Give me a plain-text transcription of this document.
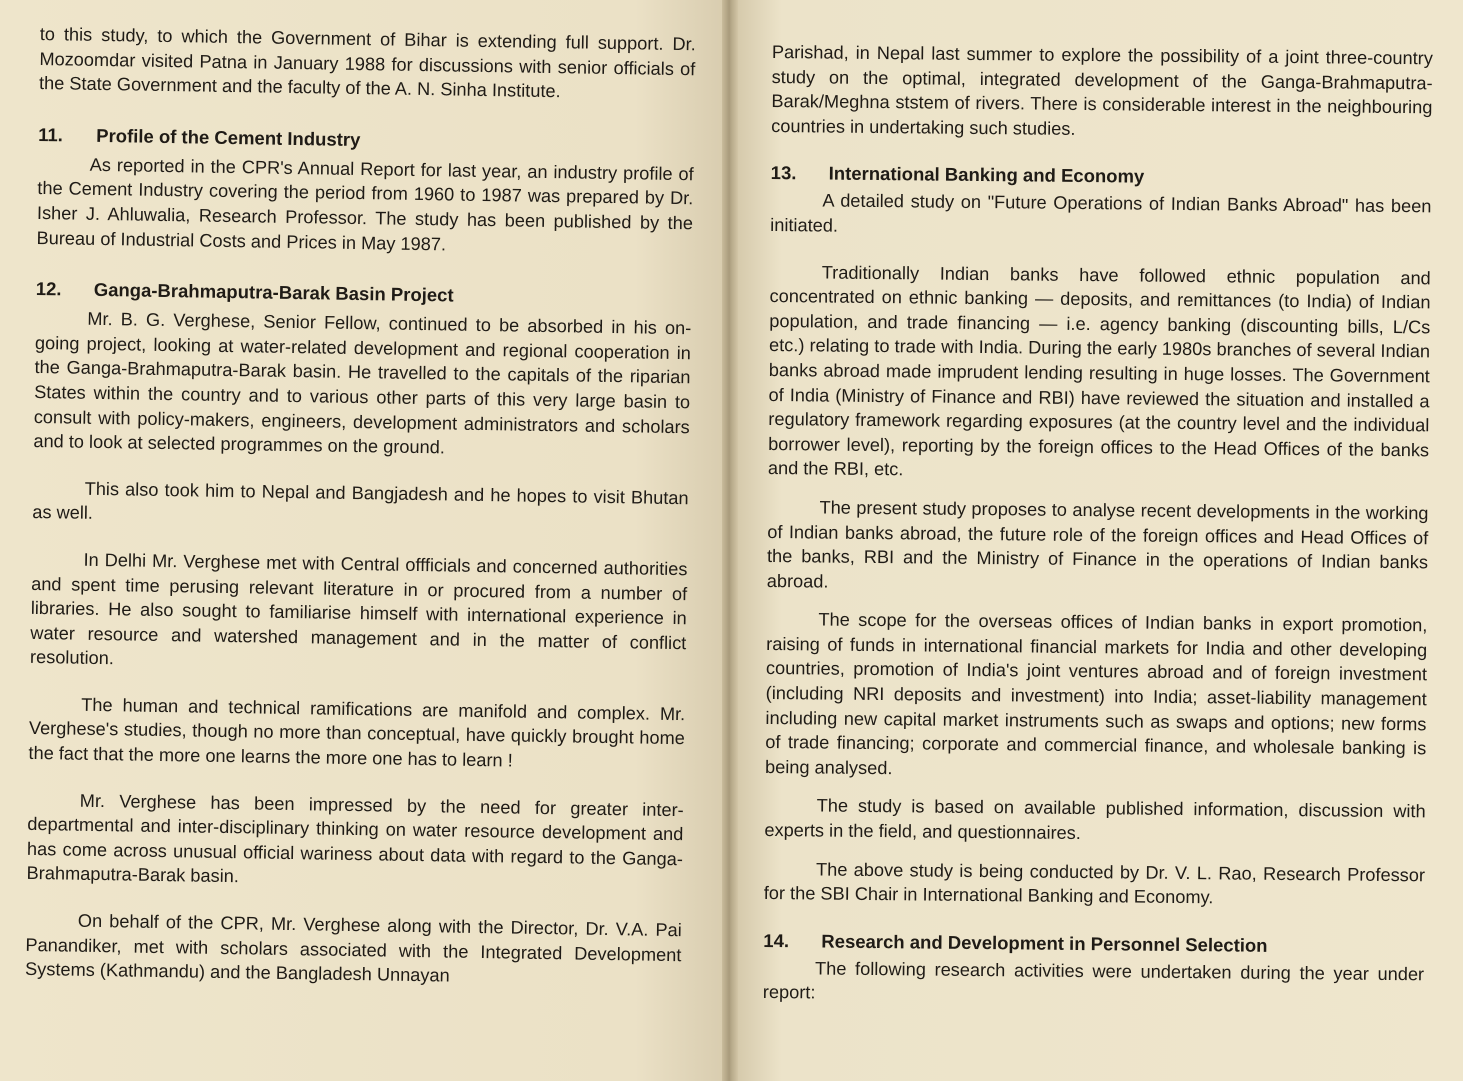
to this study, to which the Government of Bihar is extending full support. Dr. Mozoomdar visited Patna in January 1988 for discussions with senior officials of the State Government and the faculty of the A. N. Sinha Institute.

11.	Profile of the Cement Industry

As reported in the CPR's Annual Report for last year, an industry profile of the Cement Industry covering the period from 1960 to 1987 was prepared by Dr. Isher J. Ahluwalia, Research Professor. The study has been published by the Bureau of Industrial Costs and Prices in May 1987.

12.	Ganga-Brahmaputra-Barak Basin Project

Mr. B. G. Verghese, Senior Fellow, continued to be absorbed in his on-going project, looking at water-related development and regional cooperation in the Ganga-Brahmaputra-Barak basin. He travelled to the capitals of the riparian States within the country and to various other parts of this very large basin to consult with policy-makers, engineers, development administrators and scholars and to look at selected programmes on the ground.

This also took him to Nepal and Bangjadesh and he hopes to visit Bhutan as well.

In Delhi Mr. Verghese met with Central offficials and concerned authorities and spent time perusing relevant literature in or procured from a number of libraries. He also sought to familiarise himself with international experience in water resource and watershed management and in the matter of conflict resolution.

The human and technical ramifications are manifold and complex. Mr. Verghese's studies, though no more than conceptual, have quickly brought home the fact that the more one learns the more one has to learn !

Mr. Verghese has been impressed by the need for greater inter-departmental and inter-disciplinary thinking on water resource development and has come across unusual official wariness about data with regard to the Ganga-Brahmaputra-Barak basin.

On behalf of the CPR, Mr. Verghese along with the Director, Dr. V.A. Pai Panandiker, met with scholars associated with the Integrated Development Systems (Kathmandu) and the Bangladesh Unnayan

Parishad, in Nepal last summer to explore the possibility of a joint three-country study on the optimal, integrated development of the Ganga-Brahmaputra-Barak/Meghna ststem of rivers. There is considerable interest in the neighbouring countries in undertaking such studies.

13.	International Banking and Economy

A detailed study on "Future Operations of Indian Banks Abroad" has been initiated.

Traditionally Indian banks have followed ethnic population and concentrated on ethnic banking — deposits, and remittances (to India) of Indian population, and trade financing — i.e. agency banking (discounting bills, L/Cs etc.) relating to trade with India. During the early 1980s branches of several Indian banks abroad made imprudent lending resulting in huge losses. The Government of India (Ministry of Finance and RBI) have reviewed the situation and installed a regulatory framework regarding exposures (at the country level and the individual borrower level), reporting by the foreign offices to the Head Offices of the banks and the RBI, etc.

The present study proposes to analyse recent developments in the working of Indian banks abroad, the future role of the foreign offices and Head Offices of the banks, RBI and the Ministry of Finance in the operations of Indian banks abroad.

The scope for the overseas offices of Indian banks in export promotion, raising of funds in international financial markets for India and other developing countries, promotion of India's joint ventures abroad and of foreign investment (including NRI deposits and investment) into India; asset-liability management including new capital market instruments such as swaps and options; new forms of trade financing; corporate and commercial finance, and wholesale banking is being analysed.

The study is based on available published information, discussion with experts in the field, and questionnaires.

The above study is being conducted by Dr. V. L. Rao, Research Professor for the SBI Chair in International Banking and Economy.

14.	Research and Development in Personnel Selection

The following research activities were undertaken during the year under report:
